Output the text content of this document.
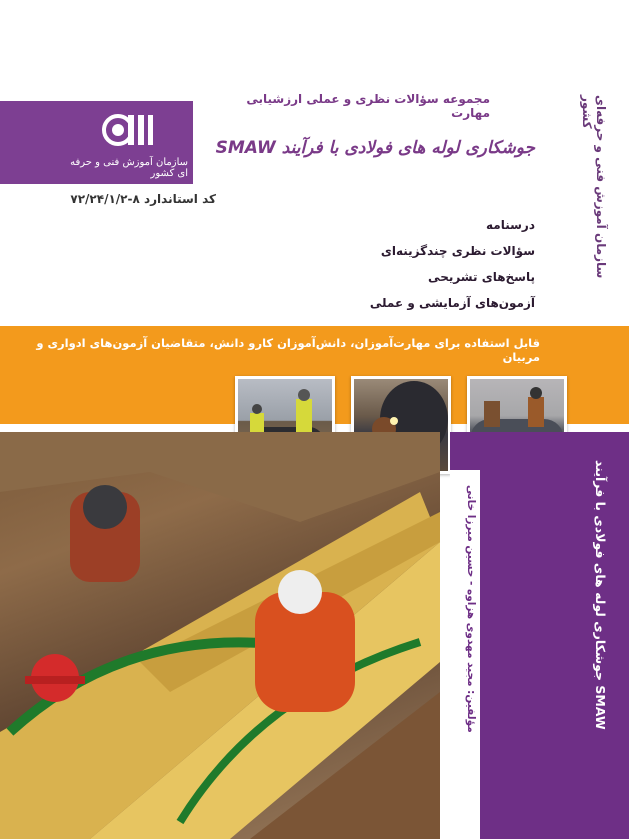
مجموعه سؤالات نظری و عملی ارزشیابی مهارت
سازمان آموزش فنی و حرفه ای کشور
جوشکاری لوله های فولادی با فرآیند SMAW
کد استاندارد ۸-۷۲/۲۴/۱/۲	سازمان آموزش فنی و حرفه‌ای کشور
درسنامه
سؤالات نظری چندگزینه‌ای
پاسخ‌های تشریحی
آزمون‌های آزمایشی و عملی
قابل استفاده برای مهارت‌آموزان، دانش‌آموزان کارو دانش، متقاضیان آزمون‌های ادواری و مربیان
مؤلفین: مجید مهدوی هزاوه - حسین میرزا خانی	جوشکاری لوله های فولادی با فرآیند SMAW
